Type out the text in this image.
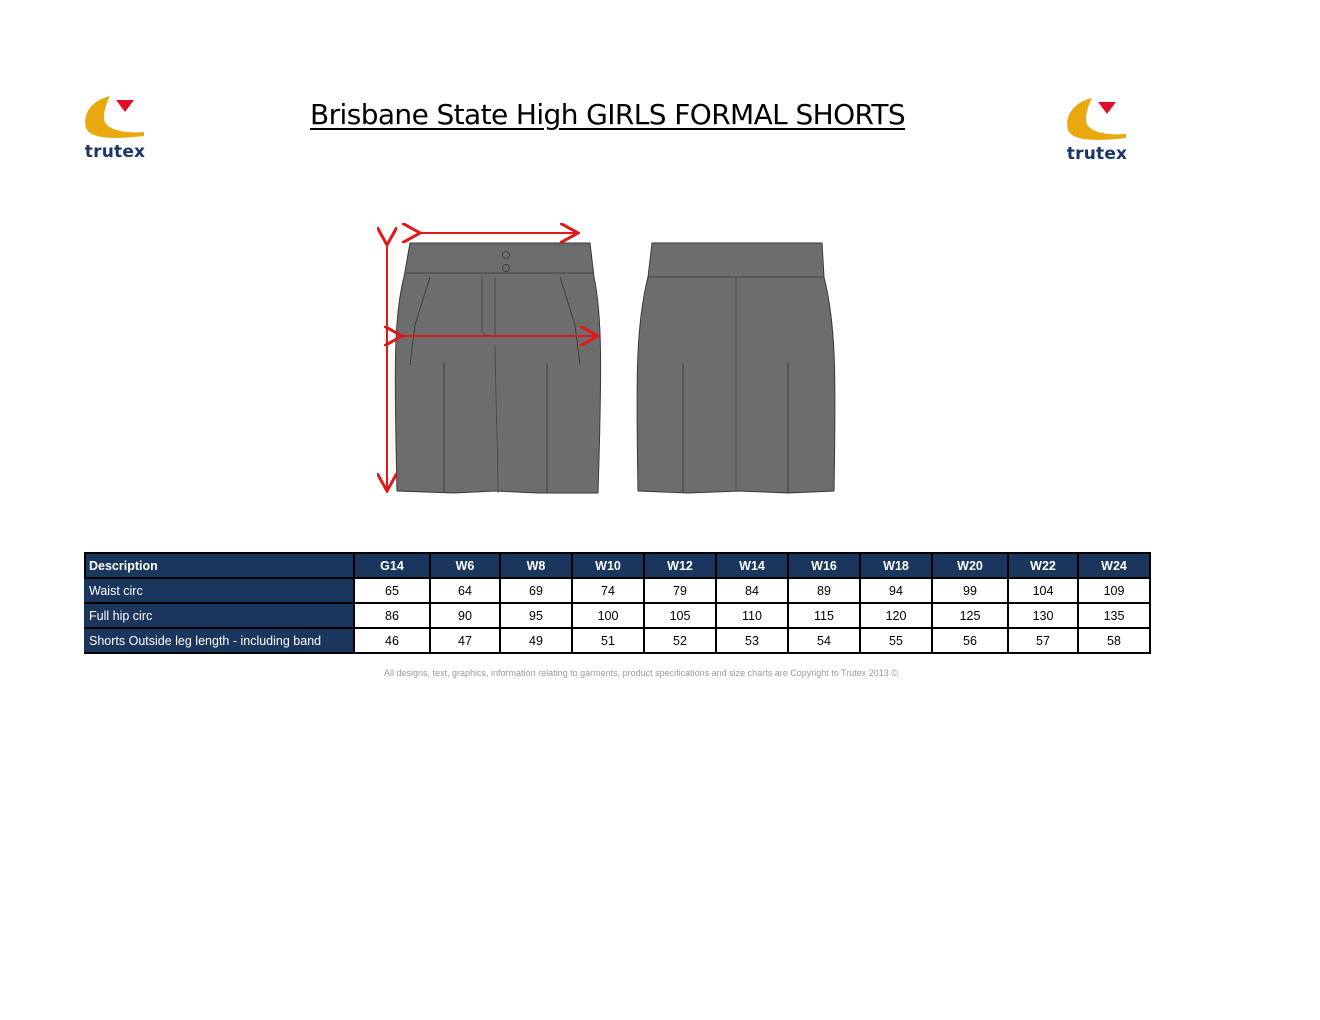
trutex	trutex
Brisbane State High GIRLS FORMAL SHORTS
Description	G14	W6	W8	W10	W12	W14	W16	W18	W20	W22	W24
Waist circ	65	64	69	74	79	84	89	94	99	104	109
Full hip circ	86	90	95	100	105	110	115	120	125	130	135
Shorts Outside leg length - including band	46	47	49	51	52	53	54	55	56	57	58
All designs, text, graphics, information relating to garments, product specifications and size charts are Copyright to Trutex 2013 ©.
